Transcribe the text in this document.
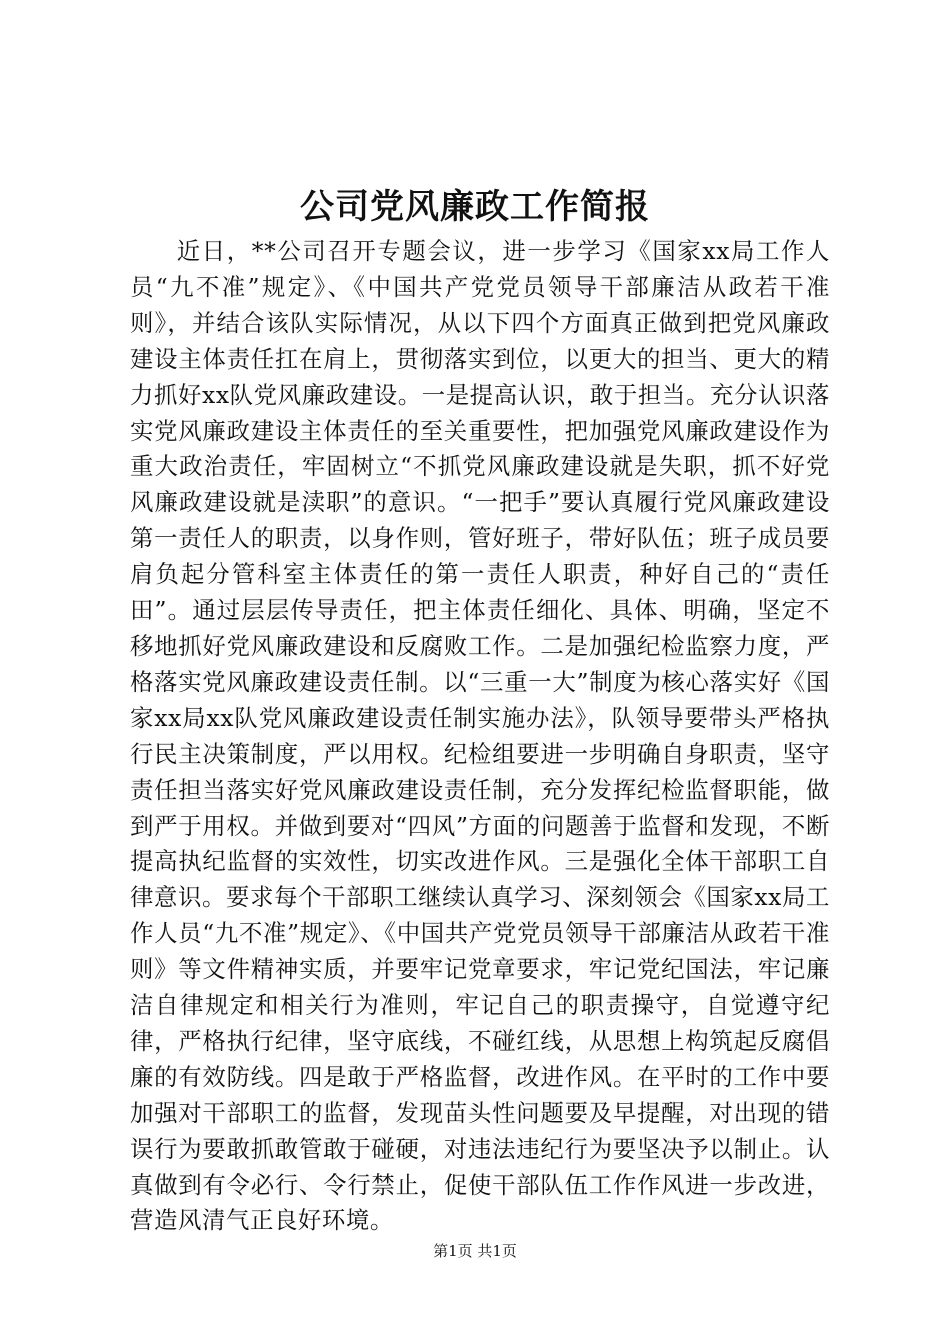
公司党风廉政工作简报

近日，**公司召开专题会议，进一步学习《国家xx局工作人员“九不准”规定》、《中国共产党党员领导干部廉洁从政若干准则》，并结合该队实际情况，从以下四个方面真正做到把党风廉政建设主体责任扛在肩上，贯彻落实到位，以更大的担当、更大的精力抓好xx队党风廉政建设。一是提高认识，敢于担当。充分认识落实党风廉政建设主体责任的至关重要性，把加强党风廉政建设作为重大政治责任，牢固树立“不抓党风廉政建设就是失职，抓不好党风廉政建设就是渎职”的意识。“一把手”要认真履行党风廉政建设第一责任人的职责，以身作则，管好班子，带好队伍；班子成员要肩负起分管科室主体责任的第一责任人职责，种好自己的“责任田”。通过层层传导责任，把主体责任细化、具体、明确，坚定不移地抓好党风廉政建设和反腐败工作。二是加强纪检监察力度，严格落实党风廉政建设责任制。以“三重一大”制度为核心落实好《国家xx局xx队党风廉政建设责任制实施办法》，队领导要带头严格执行民主决策制度，严以用权。纪检组要进一步明确自身职责，坚守责任担当落实好党风廉政建设责任制，充分发挥纪检监督职能，做到严于用权。并做到要对“四风”方面的问题善于监督和发现，不断提高执纪监督的实效性，切实改进作风。三是强化全体干部职工自律意识。要求每个干部职工继续认真学习、深刻领会《国家xx局工作人员“九不准”规定》、《中国共产党党员领导干部廉洁从政若干准则》等文件精神实质，并要牢记党章要求，牢记党纪国法，牢记廉洁自律规定和相关行为准则，牢记自己的职责操守，自觉遵守纪律，严格执行纪律，坚守底线，不碰红线，从思想上构筑起反腐倡廉的有效防线。四是敢于严格监督，改进作风。在平时的工作中要加强对干部职工的监督，发现苗头性问题要及早提醒，对出现的错误行为要敢抓敢管敢于碰硬，对违法违纪行为要坚决予以制止。认真做到有令必行、令行禁止，促使干部队伍工作作风进一步改进，营造风清气正良好环境。

第1页 共1页
